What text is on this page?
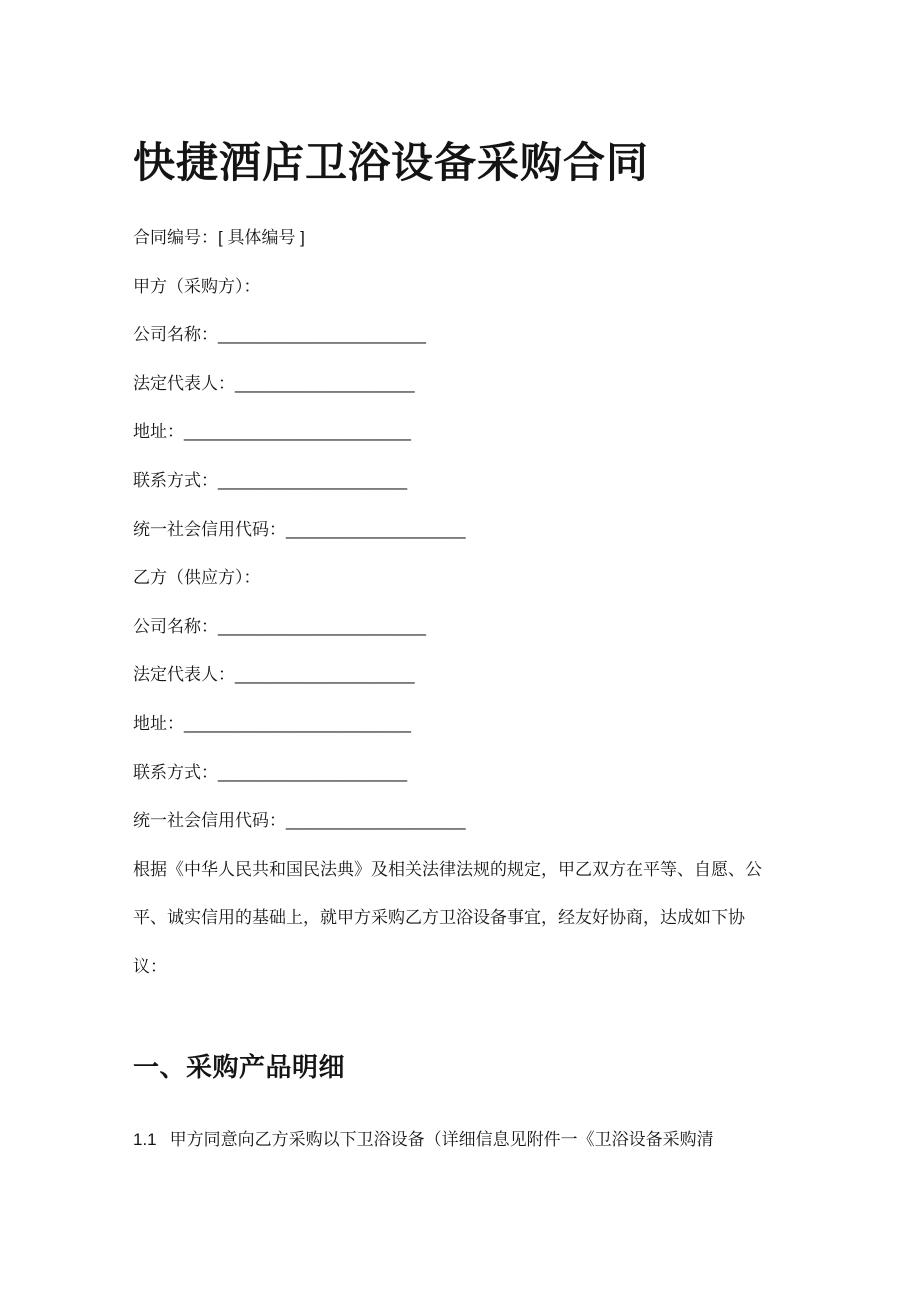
快捷酒店卫浴设备采购合同

合同编号：[ 具体编号 ]

甲方（采购方）：

公司名称：______________________

法定代表人：___________________

地址：________________________

联系方式：____________________

统一社会信用代码：___________________

乙方（供应方）：

公司名称：______________________

法定代表人：___________________

地址：________________________

联系方式：____________________

统一社会信用代码：___________________

根据《中华人民共和国民法典》及相关法律法规的规定，甲乙双方在平等、自愿、公平、诚实信用的基础上，就甲方采购乙方卫浴设备事宜，经友好协商，达成如下协议：

一、采购产品明细

1.1 甲方同意向乙方采购以下卫浴设备（详细信息见附件一《卫浴设备采购清
